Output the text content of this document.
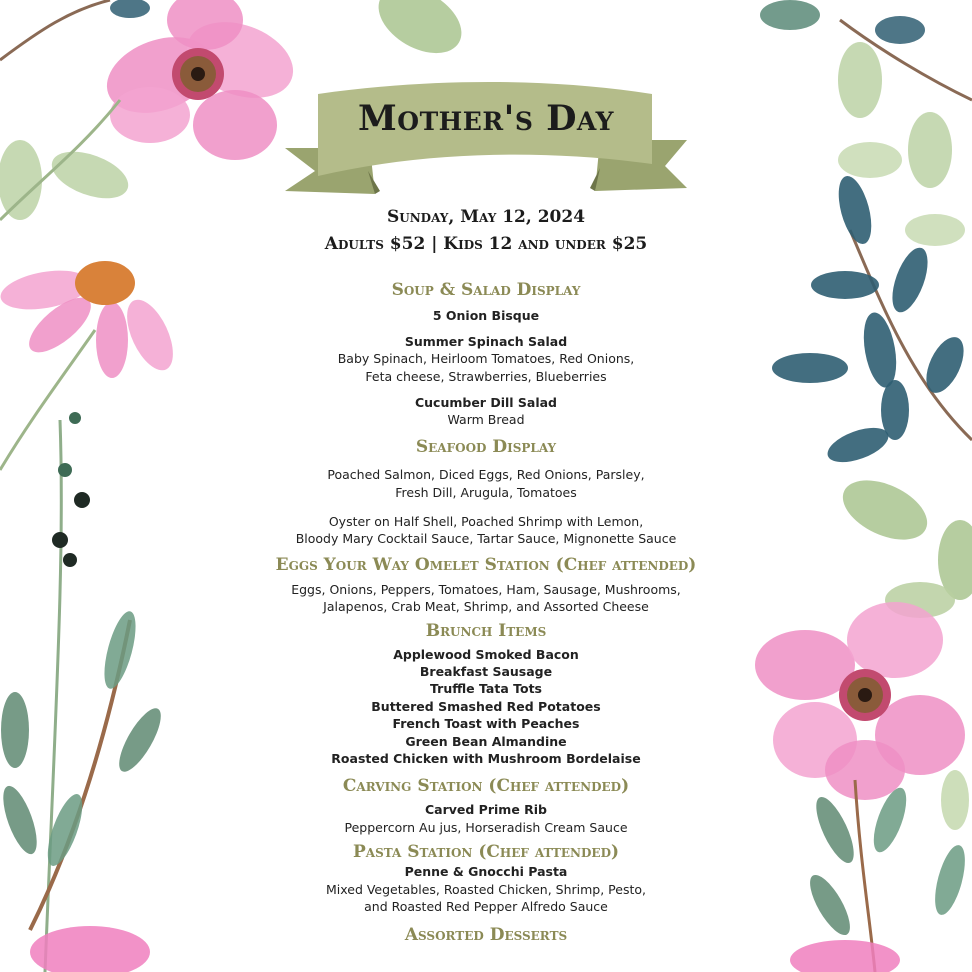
Mother's Day
Sunday, May 12, 2024
Adults $52 | Kids 12 and under $25
Soup & Salad Display
5 Onion Bisque
Summer Spinach Salad
Baby Spinach, Heirloom Tomatoes, Red Onions,
Feta cheese, Strawberries, Blueberries
Cucumber Dill Salad
Warm Bread
Seafood Display
Poached Salmon, Diced Eggs, Red Onions, Parsley,
Fresh Dill, Arugula, Tomatoes
Oyster on Half Shell, Poached Shrimp with Lemon,
Bloody Mary Cocktail Sauce, Tartar Sauce, Mignonette Sauce
Eggs Your Way Omelet Station (Chef attended)
Eggs, Onions, Peppers, Tomatoes, Ham, Sausage, Mushrooms,
Jalapenos, Crab Meat, Shrimp, and Assorted Cheese
Brunch Items
Applewood Smoked Bacon
Breakfast Sausage
Truffle Tata Tots
Buttered Smashed Red Potatoes
French Toast with Peaches
Green Bean Almandine
Roasted Chicken with Mushroom Bordelaise
Carving Station (Chef attended)
Carved Prime Rib
Peppercorn Au jus, Horseradish Cream Sauce
Pasta Station (Chef attended)
Penne & Gnocchi Pasta
Mixed Vegetables, Roasted Chicken, Shrimp, Pesto,
and Roasted Red Pepper Alfredo Sauce
Assorted Desserts
